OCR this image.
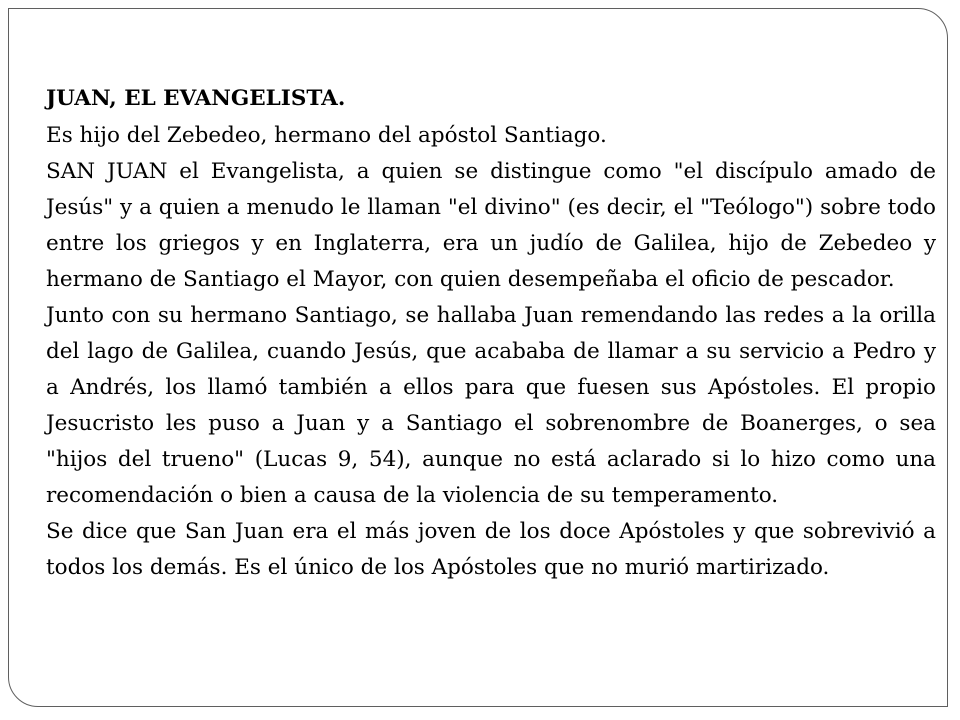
JUAN, EL EVANGELISTA.

Es hijo del Zebedeo, hermano del apóstol Santiago.

SAN JUAN el Evangelista, a quien se distingue como "el discípulo amado de Jesús" y a quien a menudo le llaman "el divino" (es decir, el "Teólogo") sobre todo entre los griegos y en Inglaterra, era un judío de Galilea, hijo de Zebedeo y hermano de Santiago el Mayor, con quien desempeñaba el oficio de pescador.

Junto con su hermano Santiago, se hallaba Juan remendando las redes a la orilla del lago de Galilea, cuando Jesús, que acababa de llamar a su servicio a Pedro y a Andrés, los llamó también a ellos para que fuesen sus Apóstoles. El propio Jesucristo les puso a Juan y a Santiago el sobrenombre de Boanerges, o sea "hijos del trueno" (Lucas 9, 54), aunque no está aclarado si lo hizo como una recomendación o bien a causa de la violencia de su temperamento.

Se dice que San Juan era el más joven de los doce Apóstoles y que sobrevivió a todos los demás. Es el único de los Apóstoles que no murió martirizado.
